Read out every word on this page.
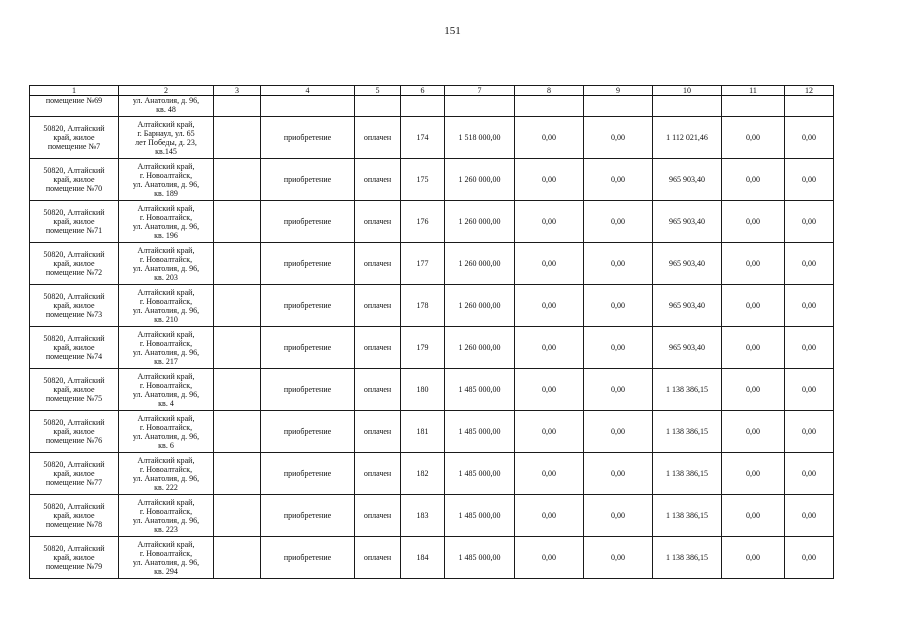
151
1	2	3	4	5	6	7	8	9	10	11	12

помещение №69	ул. Анатолия, д. 96,
кв. 48										

50820, Алтайский
край, жилое
помещение №7	Алтайский край,
г. Барнаул, ул. 65
лет Победы, д. 23,
кв.145		приобретение	оплачен	174	1 518 000,00	0,00	0,00	1 112 021,46	0,00	0,00

50820, Алтайский
край, жилое
помещение №70	Алтайский край,
г. Новоалтайск,
ул. Анатолия, д. 96,
кв. 189		приобретение	оплачен	175	1 260 000,00	0,00	0,00	965 903,40	0,00	0,00

50820, Алтайский
край, жилое
помещение №71	Алтайский край,
г. Новоалтайск,
ул. Анатолия, д. 96,
кв. 196		приобретение	оплачен	176	1 260 000,00	0,00	0,00	965 903,40	0,00	0,00

50820, Алтайский
край, жилое
помещение №72	Алтайский край,
г. Новоалтайск,
ул. Анатолия, д. 96,
кв. 203		приобретение	оплачен	177	1 260 000,00	0,00	0,00	965 903,40	0,00	0,00

50820, Алтайский
край, жилое
помещение №73	Алтайский край,
г. Новоалтайск,
ул. Анатолия, д. 96,
кв. 210		приобретение	оплачен	178	1 260 000,00	0,00	0,00	965 903,40	0,00	0,00

50820, Алтайский
край, жилое
помещение №74	Алтайский край,
г. Новоалтайск,
ул. Анатолия, д. 96,
кв. 217		приобретение	оплачен	179	1 260 000,00	0,00	0,00	965 903,40	0,00	0,00

50820, Алтайский
край, жилое
помещение №75	Алтайский край,
г. Новоалтайск,
ул. Анатолия, д. 96,
кв. 4		приобретение	оплачен	180	1 485 000,00	0,00	0,00	1 138 386,15	0,00	0,00

50820, Алтайский
край, жилое
помещение №76	Алтайский край,
г. Новоалтайск,
ул. Анатолия, д. 96,
кв. 6		приобретение	оплачен	181	1 485 000,00	0,00	0,00	1 138 386,15	0,00	0,00

50820, Алтайский
край, жилое
помещение №77	Алтайский край,
г. Новоалтайск,
ул. Анатолия, д. 96,
кв. 222		приобретение	оплачен	182	1 485 000,00	0,00	0,00	1 138 386,15	0,00	0,00

50820, Алтайский
край, жилое
помещение №78	Алтайский край,
г. Новоалтайск,
ул. Анатолия, д. 96,
кв. 223		приобретение	оплачен	183	1 485 000,00	0,00	0,00	1 138 386,15	0,00	0,00

50820, Алтайский
край, жилое
помещение №79	Алтайский край,
г. Новоалтайск,
ул. Анатолия, д. 96,
кв. 294		приобретение	оплачен	184	1 485 000,00	0,00	0,00	1 138 386,15	0,00	0,00
